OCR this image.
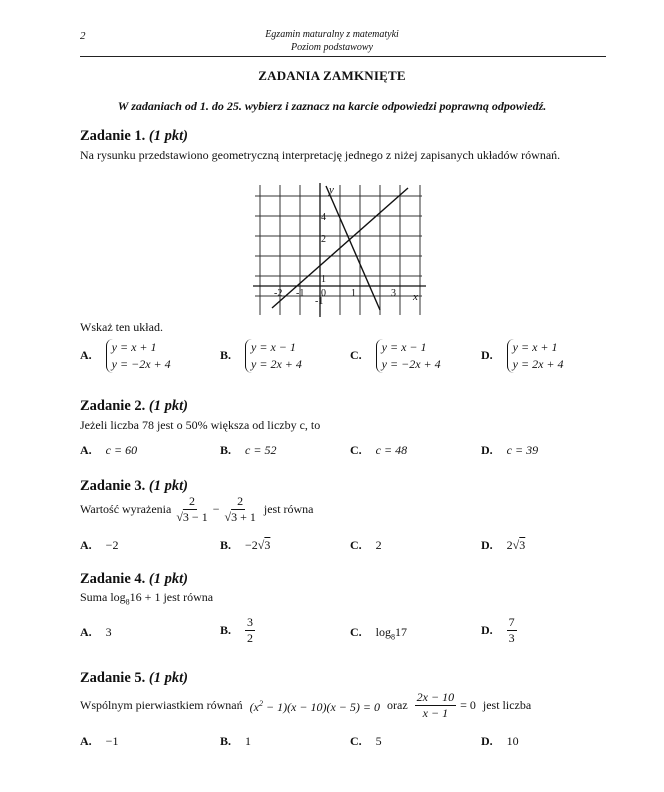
2	Egzamin maturalny z matematyki
Poziom podstawowy
ZADANIA ZAMKNIĘTE
W zadaniach od 1. do 25. wybierz i zaznacz na karcie odpowiedzi poprawną odpowiedź.
Zadanie 1. (1 pkt)
Na rysunku przedstawiono geometryczną interpretację jednego z niżej zapisanych układów równań.
y
x
-2 -1 0	1	3
4
2
1
-1
Wskaż ten układ.
A.
y = x + 1
y = −2x + 4
B.
y = x − 1
y = 2x + 4
C.
y = x − 1
y = −2x + 4
D.
y = x + 1
y = 2x + 4
Zadanie 2. (1 pkt)
Jeżeli liczba 78 jest o 50% większa od liczby c, to
A. c = 60	B. c = 52	C. c = 48	D. c = 39
Zadanie 3. (1 pkt)
Wartość wyrażenia $\frac{2}{√3 - 1} - \frac{2}{√3 + 1}$ jest równa
A. −2	B. −2√3	C. 2	D. 2√3
Zadanie 4. (1 pkt)
Suma $\log_816 + 1$ jest równa
A. 3	B. $\frac{3}{2}$	C. $\log_817$	D. $\frac{7}{3}$
Zadanie 5. (1 pkt)
Wspólnym pierwiastkiem równań $(x^2 - 1)(x - 10)(x - 5) = 0$ oraz $\frac{2x - 10}{x - 1} = 0$ jest liczba
A. −1	B. 1	C. 5	D. 10
